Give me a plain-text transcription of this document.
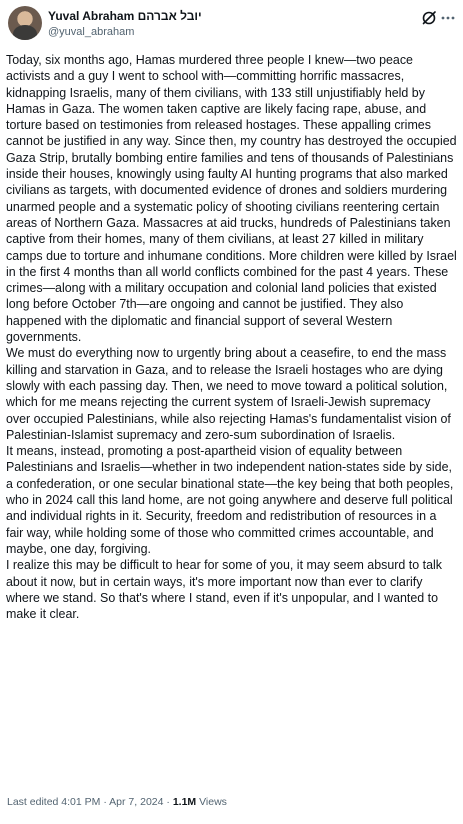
Yuval Abraham יובל אברהם
@yuval_abraham

Today, six months ago, Hamas murdered three people I knew—two peace activists and a guy I went to school with—committing horrific massacres, kidnapping Israelis, many of them civilians, with 133 still unjustifiably held by Hamas in Gaza. The women taken captive are likely facing rape, abuse, and torture based on testimonies from released hostages. These appalling crimes cannot be justified in any way. Since then, my country has destroyed the occupied Gaza Strip, brutally bombing entire families and tens of thousands of Palestinians inside their houses, knowingly using faulty AI hunting programs that also marked civilians as targets, with documented evidence of drones and soldiers murdering unarmed people and a systematic policy of shooting civilians reentering certain areas of Northern Gaza. Massacres at aid trucks, hundreds of Palestinians taken captive from their homes, many of them civilians, at least 27 killed in military camps due to torture and inhumane conditions. More children were killed by Israel in the first 4 months than all world conflicts combined for the past 4 years. These crimes—along with a military occupation and colonial land policies that existed long before October 7th—are ongoing and cannot be justified. They also happened with the diplomatic and financial support of several Western governments.

We must do everything now to urgently bring about a ceasefire, to end the mass killing and starvation in Gaza, and to release the Israeli hostages who are dying slowly with each passing day. Then, we need to move toward a political solution, which for me means rejecting the current system of Israeli-Jewish supremacy over occupied Palestinians, while also rejecting Hamas's fundamentalist vision of Palestinian-Islamist supremacy and zero-sum subordination of Israelis.

It means, instead, promoting a post-apartheid vision of equality between Palestinians and Israelis—whether in two independent nation-states side by side, a confederation, or one secular binational state—the key being that both peoples, who in 2024 call this land home, are not going anywhere and deserve full political and individual rights in it. Security, freedom and redistribution of resources in a fair way, while holding some of those who committed crimes accountable, and maybe, one day, forgiving.

I realize this may be difficult to hear for some of you, it may seem absurd to talk about it now, but in certain ways, it's more important now than ever to clarify where we stand. So that's where I stand, even if it's unpopular, and I wanted to make it clear.

Last edited 4:01 PM · Apr 7, 2024 · 1.1M Views
